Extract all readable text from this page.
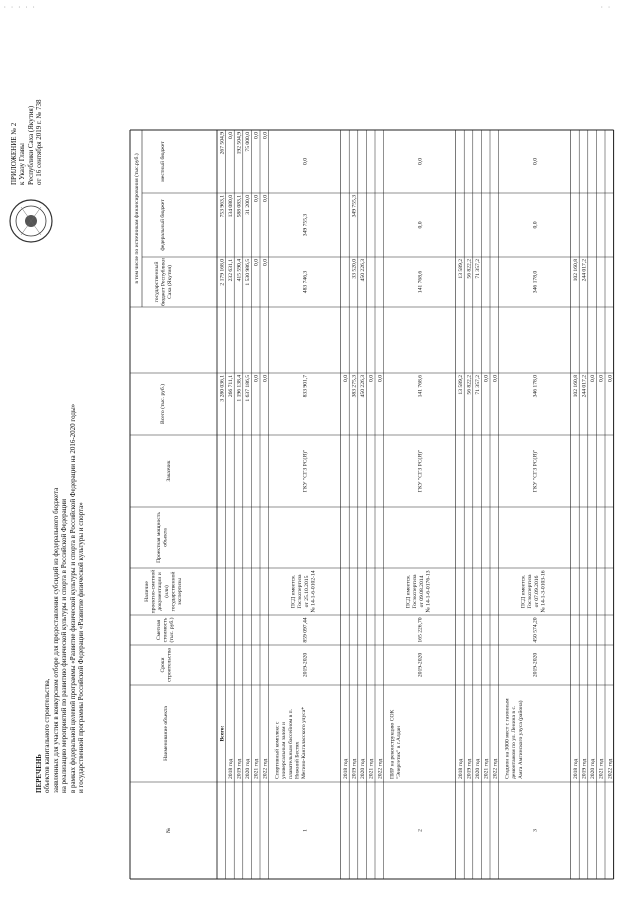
· · · · ·	· ·
ПЕРЕЧЕНЬ объектов капитального строительства, заявленных для участия в конкурсном отборе для предоставления субсидий из федерального бюджета на реализацию мероприятий по развитию физической культуры и спорта в Российской Федерации в рамках федеральной целевой программы «Развитие физической культуры и спорта в Российской Федерации на 2016-2020 годы» и государственной программы Российской Федерации «Развитие физической культуры и спорта»
ПРИЛОЖЕНИЕ № 2 к Указу Главы Республики Саха (Якутия) от 16 сентября 2019 г. № 738
№
Наименование объекта
Сроки строительства
Сметная стоимость (тыс. руб.)
Наличие проектно-сметной документации и (или) государственной экспертизы
Проектная мощность объекта
Заказчик
Всего (тыс. руб.)
в том числе по источникам финансирования (тыс.руб.)	государственный бюджет Республики Саха (Якутия)
федеральный бюджет
местный бюджет
Всего:
3 280 036,1
2 179 168,0
753 963,1
267 504,9
2018 год
266 711,1
232 631,1
134 080,0
0,0
2019 год
1 196 138,4
415 590,4
588 083,1
192 504,9
2020 год
1 637 186,5
1 530 986,5
31 200,0
75 000,0
2021 год
0,0
0,0
0,0
0,0
2022 год
0,0
0,0
0,0
0,0
1
Спортивный комплекс с универсальным залом и плавательным бассейном в п. Нижний Бестях Мегино-Кангаласского улуса*
2019-2020
859 097,44
ПСД имеется. Госэкспертиза от 25.10.2015 № 14-1-6-0102-14
ГКУ "СГЗ РС(Я)"
833 901,7
483 746,3
349 755,3
0,0
2018 год
0,0
2019 год
383 275,3
33 520,0
349 755,3
2020 год
450 226,3
450 226,3
2021 год
0,0
2022 год
0,0
2
ПИР на реконструкцию СОК "Энергетик" в г.Алдан
2019-2020
165 226,70
ПСД имеется. Госэкспертиза от 09.08.2014 № 14-1-6-0176-13
ГКУ "СГЗ РС(Я)"
141 768,6
141 768,6
0,0
0,0
2018 год
13 589,2
13 589,2
2019 год
56 822,2
56 822,2
2020 год
71 357,2
71 357,2
2021 год
0,0
2022 год
0,0
3
Стадион на 3000 мест с газонным демонтажом по ул. Ленина в с. Амга Амгинского улуса (района)
2019-2020
450 574,20
ПСД имеется. Госэкспертиза от 07.09.2016 № 14-1-3-0103-16
ГКУ "СГЗ РС(Я)"
346 178,0
346 178,0
0,0
0,0
2018 год
102 160,8
102 160,8
2019 год
244 017,2
244 017,2
2020 год
0,0
2021 год
0,0
2022 год
0,0
